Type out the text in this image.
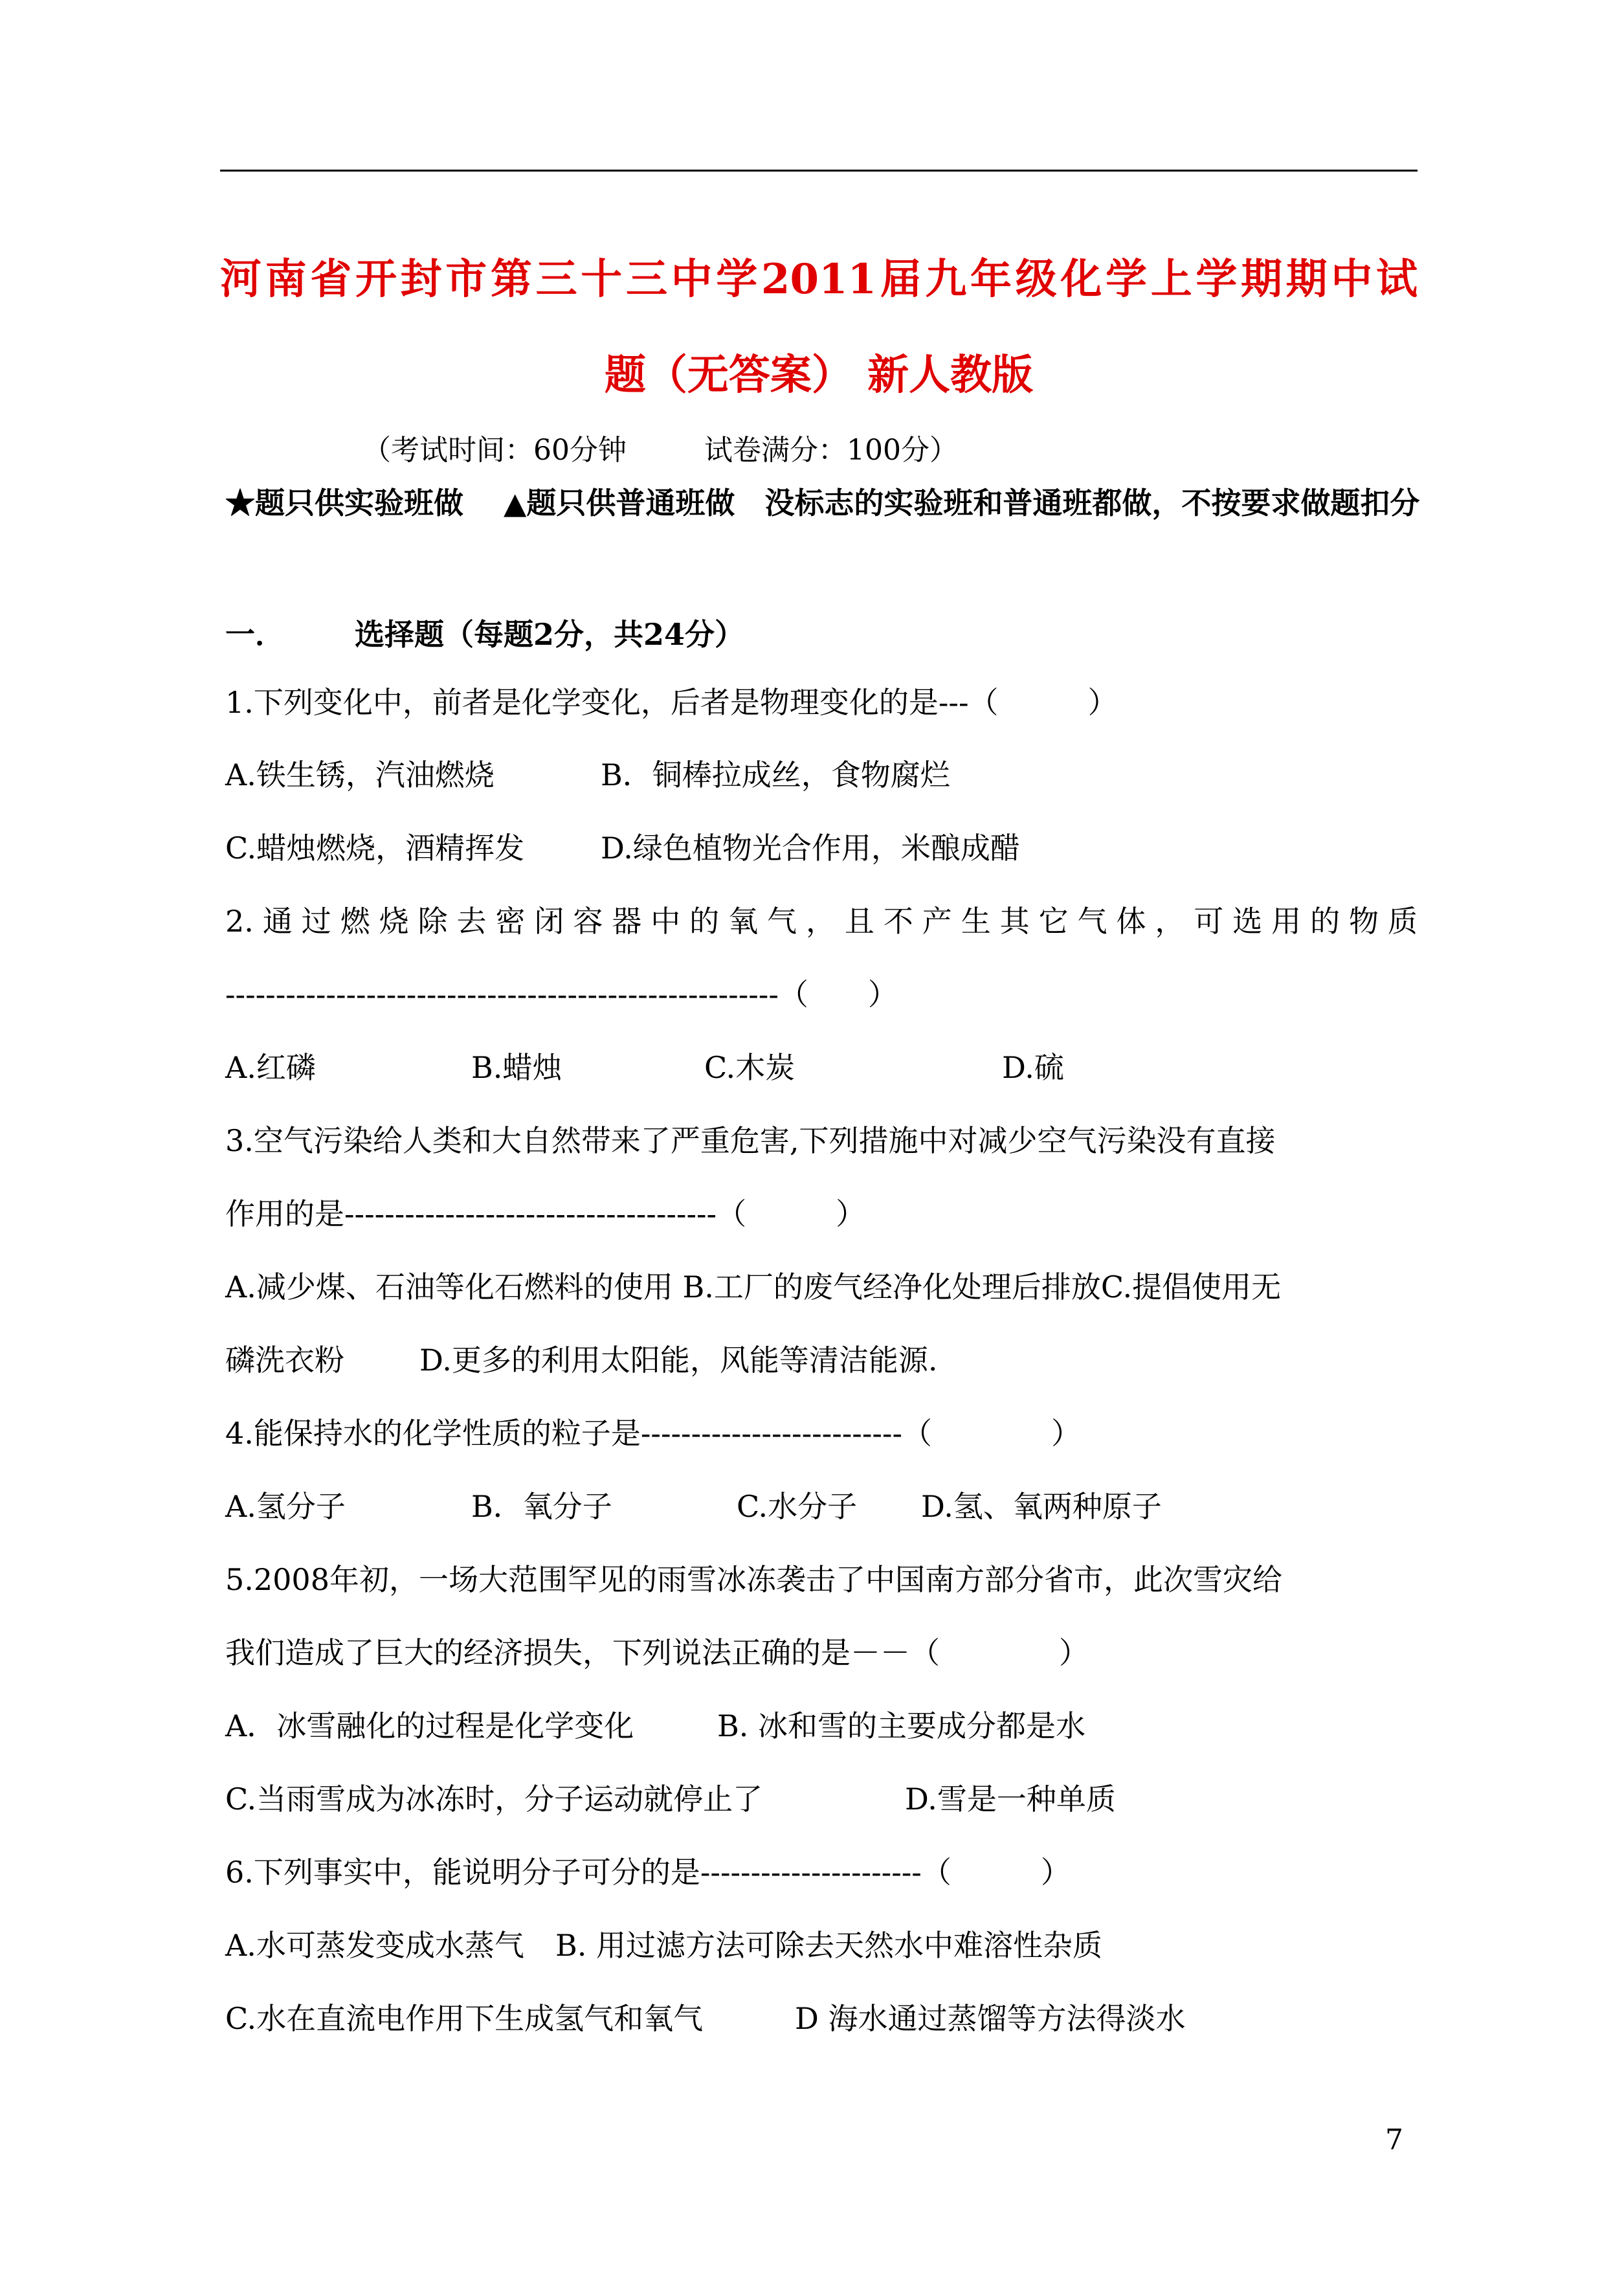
河南省开封市第三十三中学2011届九年级化学上学期期中试
题（无答案） 新人教版
（考试时间：60分钟	试卷满分：100分）
★题只供实验班做　 ▲题只供普通班做　没标志的实验班和普通班都做，不按要求做题扣分
一． 选择题（每题2分，共24分）
1.下列变化中，前者是化学变化，后者是物理变化的是---（　　　）
A.铁生锈，汽油燃烧	B．铜棒拉成丝，食物腐烂
C.蜡烛燃烧，酒精挥发	D.绿色植物光合作用，米酿成醋
2.通过燃烧除去密闭容器中的氧气，且不产生其它气体，可选用的物质
-------------------------------------------------------（　　）
A.红磷	B.蜡烛	C.木炭	D.硫
3.空气污染给人类和大自然带来了严重危害,下列措施中对减少空气污染没有直接
作用的是-------------------------------------（　　　）
A.减少煤、石油等化石燃料的使用 B.工厂的废气经净化处理后排放C.提倡使用无
磷洗衣粉	D.更多的利用太阳能，风能等清洁能源.
4.能保持水的化学性质的粒子是--------------------------（　　　　）
A.氢分子	B．氧分子	C.水分子 D.氢、氧两种原子
5.2008年初，一场大范围罕见的雨雪冰冻袭击了中国南方部分省市，此次雪灾给
我们造成了巨大的经济损失，下列说法正确的是－－（　　　　）
A．冰雪融化的过程是化学变化	B. 冰和雪的主要成分都是水
C.当雨雪成为冰冻时，分子运动就停止了	D.雪是一种单质
6.下列事实中，能说明分子可分的是----------------------（　　　）
A.水可蒸发变成水蒸气 B. 用过滤方法可除去天然水中难溶性杂质
C.水在直流电作用下生成氢气和氧气	D 海水通过蒸馏等方法得淡水
7
